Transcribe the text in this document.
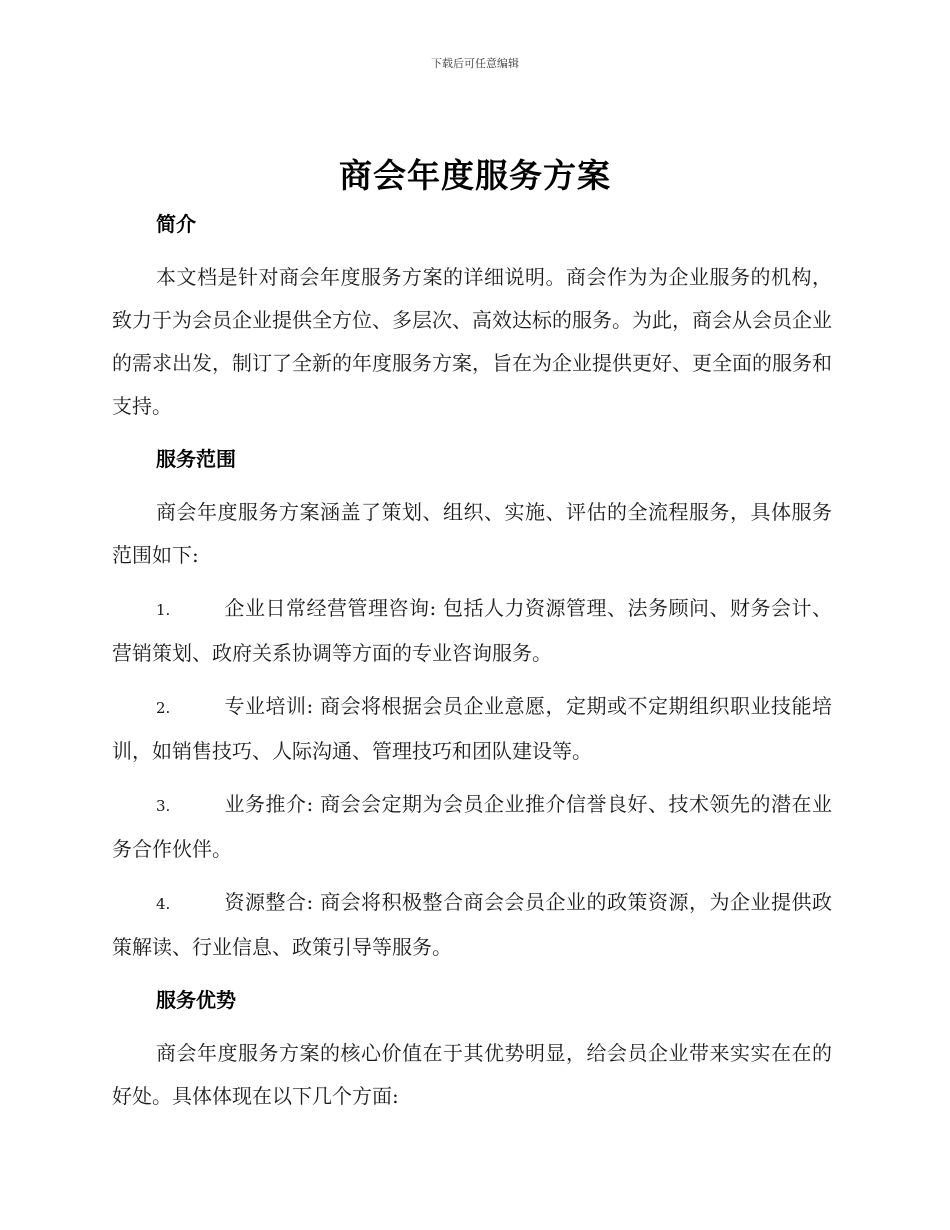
下载后可任意编辑
商会年度服务方案
简介
本文档是针对商会年度服务方案的详细说明。商会作为为企业服务的机构，致力于为会员企业提供全方位、多层次、高效达标的服务。为此，商会从会员企业的需求出发，制订了全新的年度服务方案，旨在为企业提供更好、更全面的服务和支持。
服务范围
商会年度服务方案涵盖了策划、组织、实施、评估的全流程服务，具体服务范围如下:
1.	企业日常经营管理咨询: 包括人力资源管理、法务顾问、财务会计、营销策划、政府关系协调等方面的专业咨询服务。
2.	专业培训: 商会将根据会员企业意愿，定期或不定期组织职业技能培训，如销售技巧、人际沟通、管理技巧和团队建设等。
3.	业务推介: 商会会定期为会员企业推介信誉良好、技术领先的潜在业务合作伙伴。
4.	资源整合: 商会将积极整合商会会员企业的政策资源，为企业提供政策解读、行业信息、政策引导等服务。
服务优势
商会年度服务方案的核心价值在于其优势明显，给会员企业带来实实在在的好处。具体体现在以下几个方面:
